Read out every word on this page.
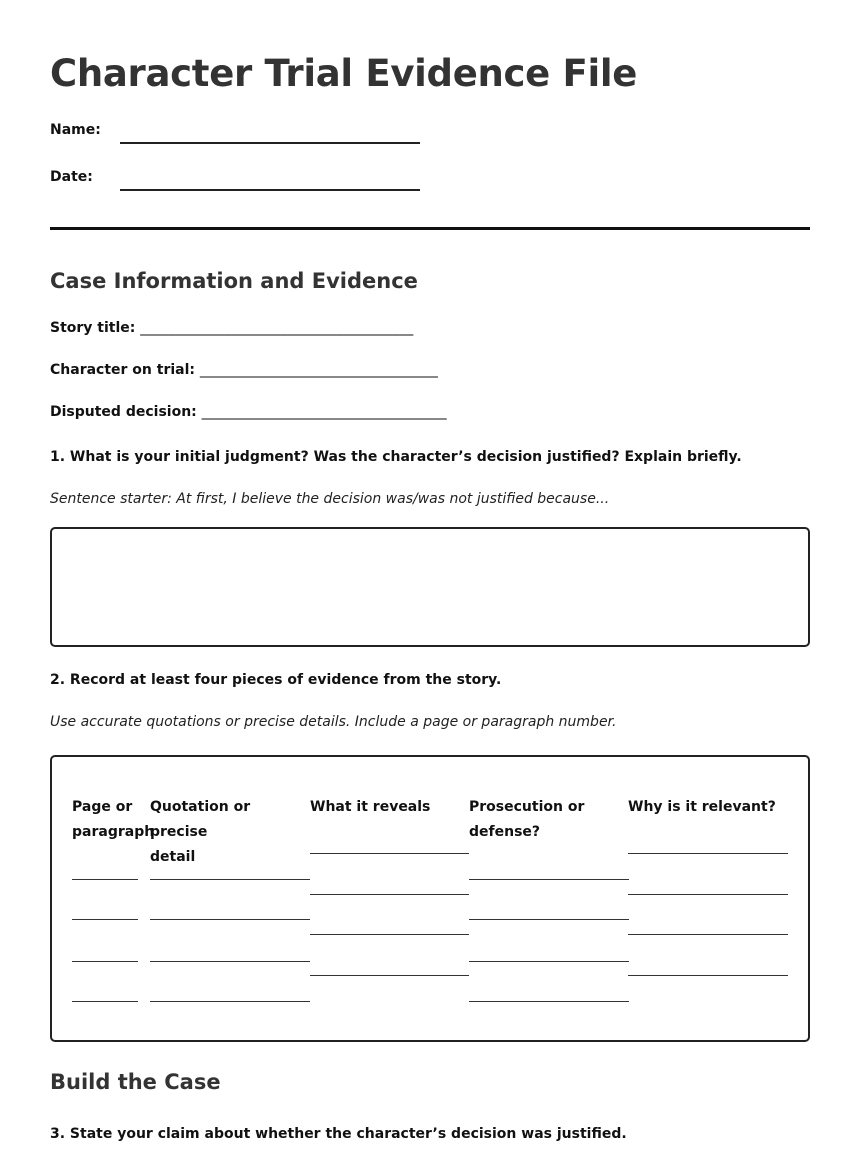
Character Trial Evidence File
Name:
Date:
Case Information and Evidence
Story title: _______________________________________
Character on trial: __________________________________
Disputed decision: ___________________________________
1. What is your initial judgment? Was the character’s decision justified? Explain briefly.
Sentence starter: At first, I believe the decision was/was not justified because...
2. Record at least four pieces of evidence from the story.
Use accurate quotations or precise details. Include a page or paragraph number.
Page or
paragraph
Quotation or precise
detail
What it reveals	Prosecution or
defense?
Why is it relevant?
Build the Case
3. State your claim about whether the character’s decision was justified.
